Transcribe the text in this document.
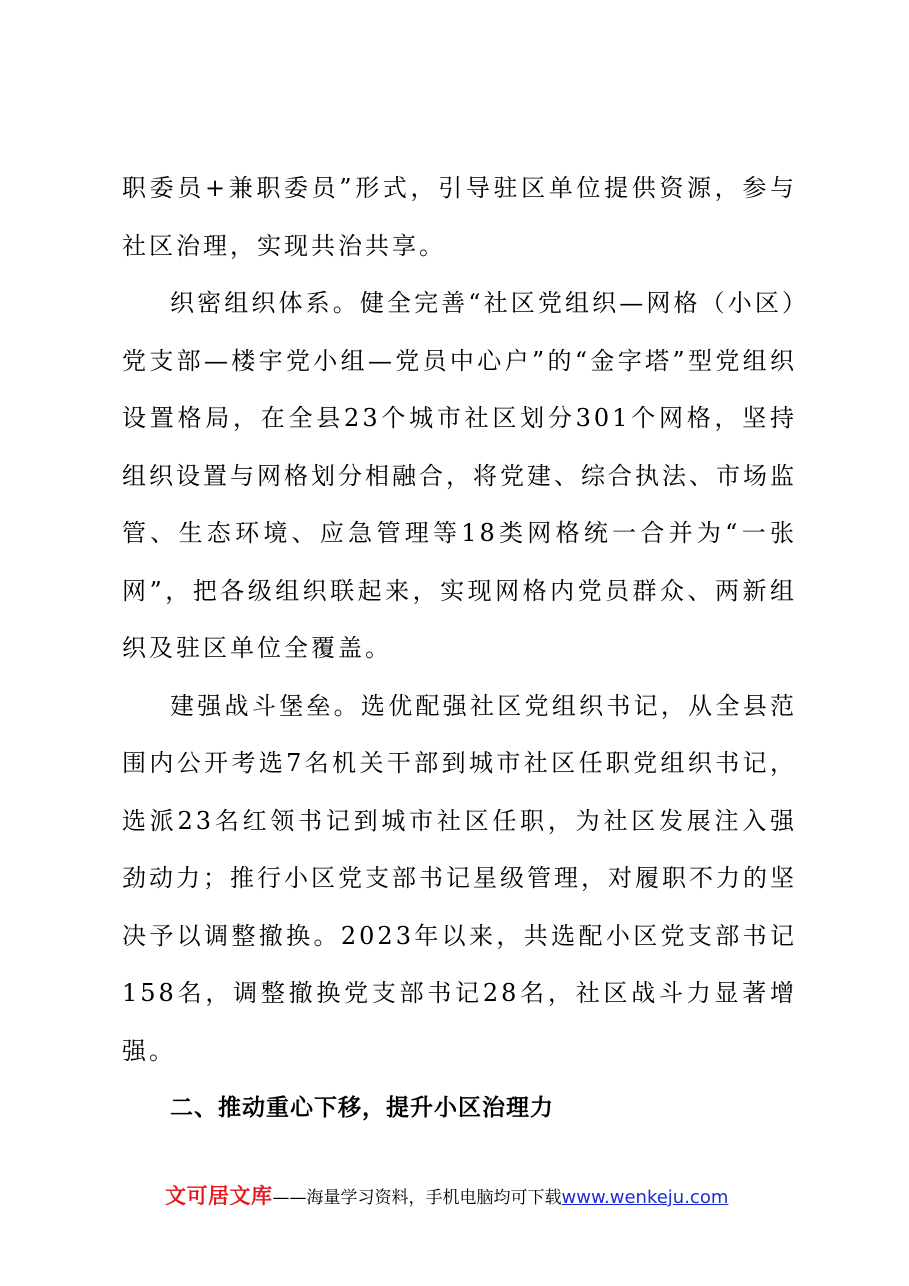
职委员+兼职委员”形式，引导驻区单位提供资源，参与社区治理，实现共治共享。

织密组织体系。健全完善“社区党组织—网格（小区）党支部—楼宇党小组—党员中心户”的“金字塔”型党组织设置格局，在全县23个城市社区划分301个网格，坚持组织设置与网格划分相融合，将党建、综合执法、市场监管、生态环境、应急管理等18类网格统一合并为“一张网”，把各级组织联起来，实现网格内党员群众、两新组织及驻区单位全覆盖。

建强战斗堡垒。选优配强社区党组织书记，从全县范围内公开考选7名机关干部到城市社区任职党组织书记，选派23名红领书记到城市社区任职，为社区发展注入强劲动力；推行小区党支部书记星级管理，对履职不力的坚决予以调整撤换。2023年以来，共选配小区党支部书记158名，调整撤换党支部书记28名，社区战斗力显著增强。

二、推动重心下移，提升小区治理力

文可居文库——海量学习资料，手机电脑均可下载www.wenkeju.com
